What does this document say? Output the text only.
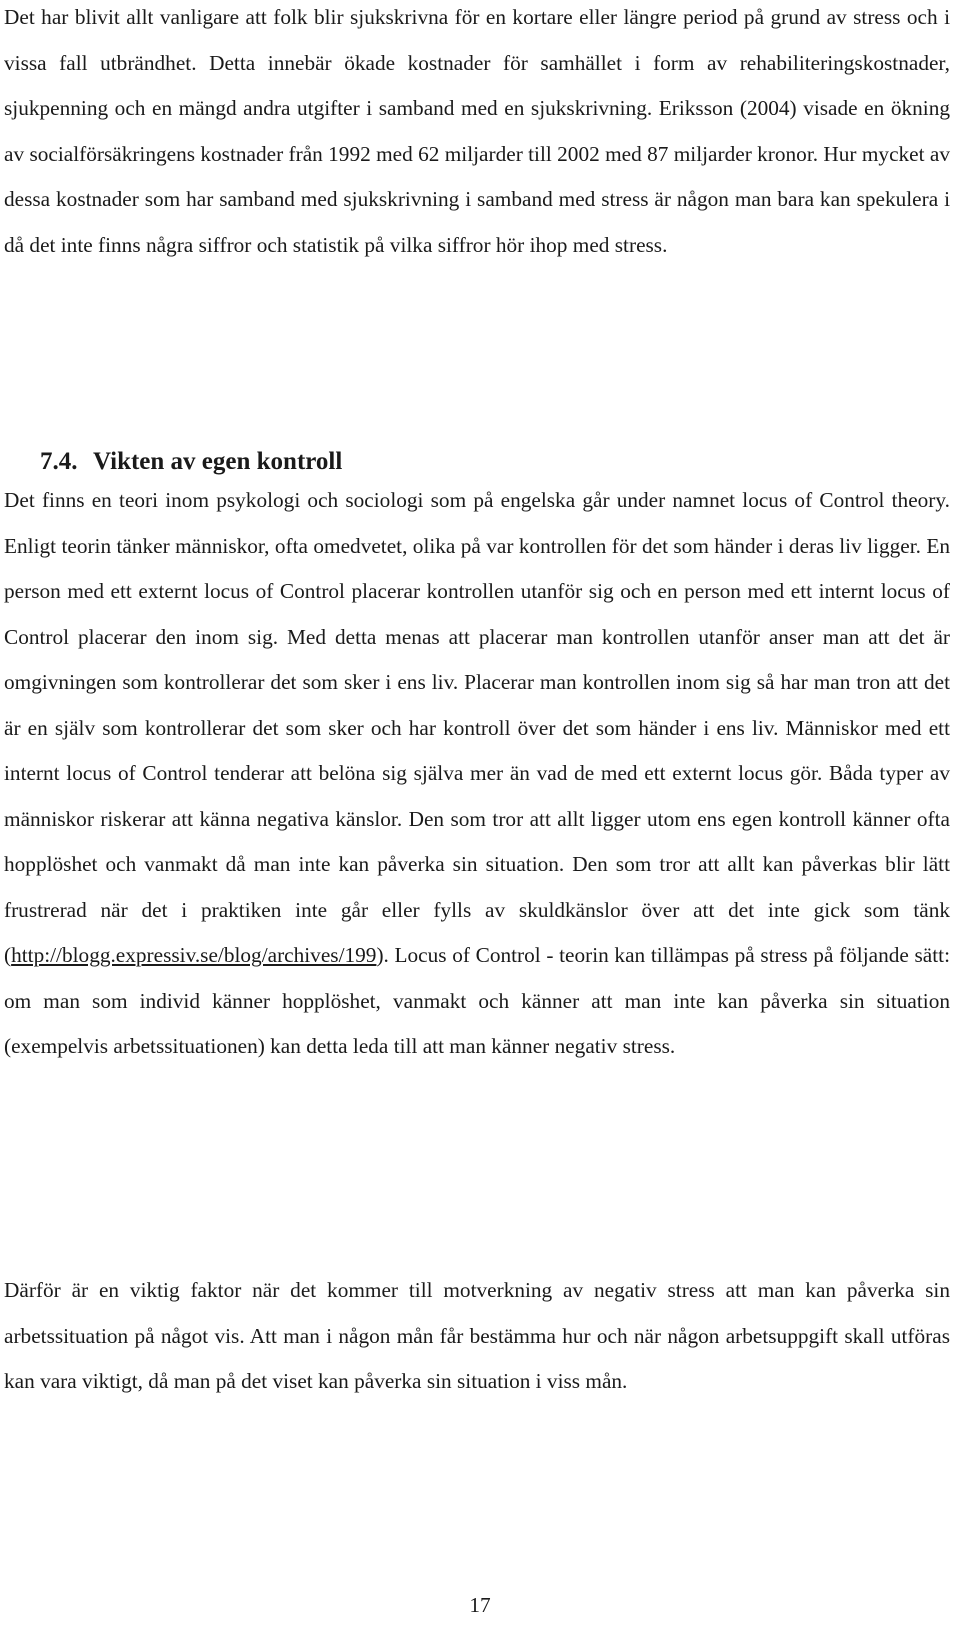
Det har blivit allt vanligare att folk blir sjukskrivna för en kortare eller längre period på grund av stress och i vissa fall utbrändhet. Detta innebär ökade kostnader för samhället i form av rehabiliteringskostnader, sjukpenning och en mängd andra utgifter i samband med en sjukskrivning. Eriksson (2004) visade en ökning av socialförsäkringens kostnader från 1992 med 62 miljarder till 2002 med 87 miljarder kronor. Hur mycket av dessa kostnader som har samband med sjukskrivning i samband med stress är någon man bara kan spekulera i då det inte finns några siffror och statistik på vilka siffror hör ihop med stress.

7.4. Vikten av egen kontroll

Det finns en teori inom psykologi och sociologi som på engelska går under namnet locus of Control theory. Enligt teorin tänker människor, ofta omedvetet, olika på var kontrollen för det som händer i deras liv ligger. En person med ett externt locus of Control placerar kontrollen utanför sig och en person med ett internt locus of Control placerar den inom sig. Med detta menas att placerar man kontrollen utanför anser man att det är omgivningen som kontrollerar det som sker i ens liv. Placerar man kontrollen inom sig så har man tron att det är en själv som kontrollerar det som sker och har kontroll över det som händer i ens liv. Människor med ett internt locus of Control tenderar att belöna sig själva mer än vad de med ett externt locus gör. Båda typer av människor riskerar att känna negativa känslor. Den som tror att allt ligger utom ens egen kontroll känner ofta hopplöshet och vanmakt då man inte kan påverka sin situation. Den som tror att allt kan påverkas blir lätt frustrerad när det i praktiken inte går eller fylls av skuldkänslor över att det inte gick som tänk (http://blogg.expressiv.se/blog/archives/199). Locus of Control - teorin kan tillämpas på stress på följande sätt: om man som individ känner hopplöshet, vanmakt och känner att man inte kan påverka sin situation (exempelvis arbetssituationen) kan detta leda till att man känner negativ stress.

Därför är en viktig faktor när det kommer till motverkning av negativ stress att man kan påverka sin arbetssituation på något vis. Att man i någon mån får bestämma hur och när någon arbetsuppgift skall utföras kan vara viktigt, då man på det viset kan påverka sin situation i viss mån.

17
